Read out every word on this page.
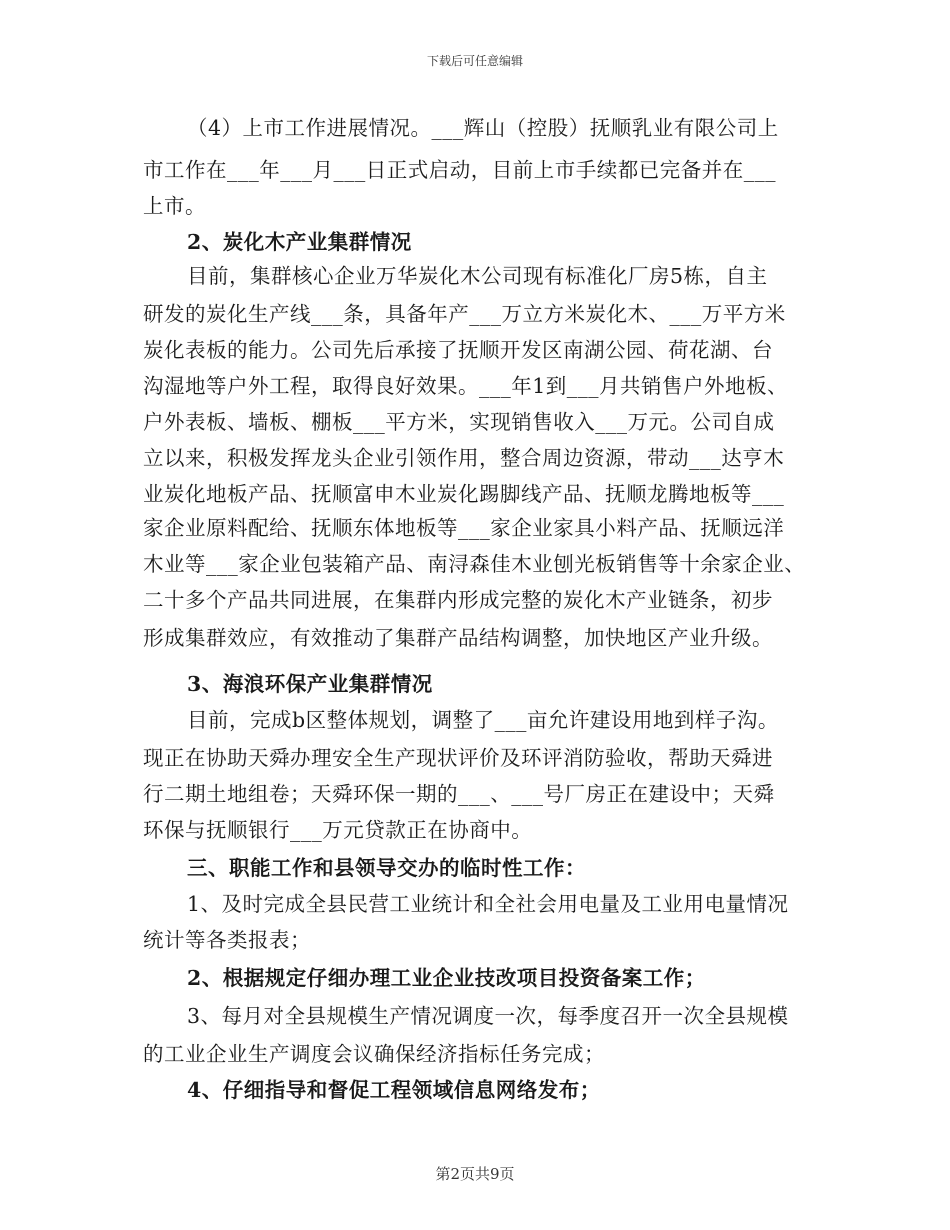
下载后可任意编辑
（4）上市工作进展情况。___辉山（控股）抚顺乳业有限公司上
市工作在___年___月___日正式启动，目前上市手续都已完备并在___
上市。
2、炭化木产业集群情况
目前，集群核心企业万华炭化木公司现有标准化厂房5栋，自主
研发的炭化生产线___条，具备年产___万立方米炭化木、___万平方米
炭化表板的能力。公司先后承接了抚顺开发区南湖公园、荷花湖、台
沟湿地等户外工程，取得良好效果。___年1到___月共销售户外地板、
户外表板、墙板、棚板___平方米，实现销售收入___万元。公司自成
立以来，积极发挥龙头企业引领作用，整合周边资源，带动___达亨木
业炭化地板产品、抚顺富申木业炭化踢脚线产品、抚顺龙腾地板等___
家企业原料配给、抚顺东体地板等___家企业家具小料产品、抚顺远洋
木业等___家企业包装箱产品、南浔森佳木业刨光板销售等十余家企业、
二十多个产品共同进展，在集群内形成完整的炭化木产业链条，初步
形成集群效应，有效推动了集群产品结构调整，加快地区产业升级。
3、海浪环保产业集群情况
目前，完成b区整体规划，调整了___亩允许建设用地到样子沟。
现正在协助天舜办理安全生产现状评价及环评消防验收，帮助天舜进
行二期土地组卷；天舜环保一期的___、___号厂房正在建设中；天舜
环保与抚顺银行___万元贷款正在协商中。
三、职能工作和县领导交办的临时性工作：
1、及时完成全县民营工业统计和全社会用电量及工业用电量情况
统计等各类报表；
2、根据规定仔细办理工业企业技改项目投资备案工作；
3、每月对全县规模生产情况调度一次，每季度召开一次全县规模
的工业企业生产调度会议确保经济指标任务完成；
4、仔细指导和督促工程领域信息网络发布；
第2页共9页
